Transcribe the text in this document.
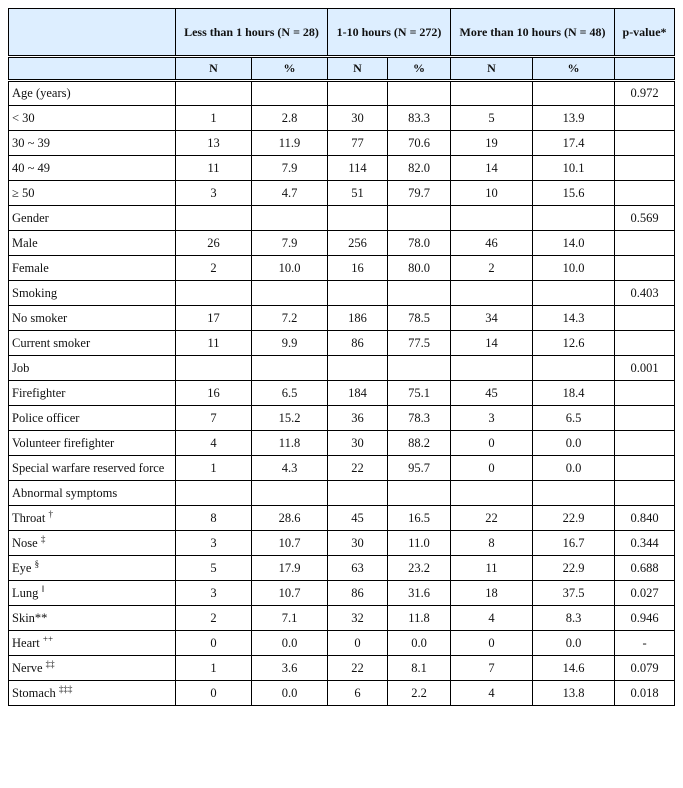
	Less than 1 hours (N = 28)		1-10 hours (N = 272)		More than 10 hours (N = 48)		p-value*
	N	%	N	%	N	%	
Age (years)							0.972
< 30	1	2.8	30	83.3	5	13.9	
30 ~ 39	13	11.9	77	70.6	19	17.4	
40 ~ 49	11	7.9	114	82.0	14	10.1	
≥ 50	3	4.7	51	79.7	10	15.6	
Gender							0.569
Male	26	7.9	256	78.0	46	14.0	
Female	2	10.0	16	80.0	2	10.0	
Smoking							0.403
No smoker	17	7.2	186	78.5	34	14.3	
Current smoker	11	9.9	86	77.5	14	12.6	
Job							0.001
Firefighter	16	6.5	184	75.1	45	18.4	
Police officer	7	15.2	36	78.3	3	6.5	
Volunteer firefighter	4	11.8	30	88.2	0	0.0	
Special warfare reserved force	1	4.3	22	95.7	0	0.0	
Abnormal symptoms							
Throat †	8	28.6	45	16.5	22	22.9	0.840
Nose ‡	3	10.7	30	11.0	8	16.7	0.344
Eye §	5	17.9	63	23.2	11	22.9	0.688
Lung ‖	3	10.7	86	31.6	18	37.5	0.027
Skin**	2	7.1	32	11.8	4	8.3	0.946
Heart ++	0	0.0	0	0.0	0	0.0	-
Nerve ‡‡	1	3.6	22	8.1	7	14.6	0.079
Stomach ‡‡‡	0	0.0	6	2.2	4	13.8	0.018
